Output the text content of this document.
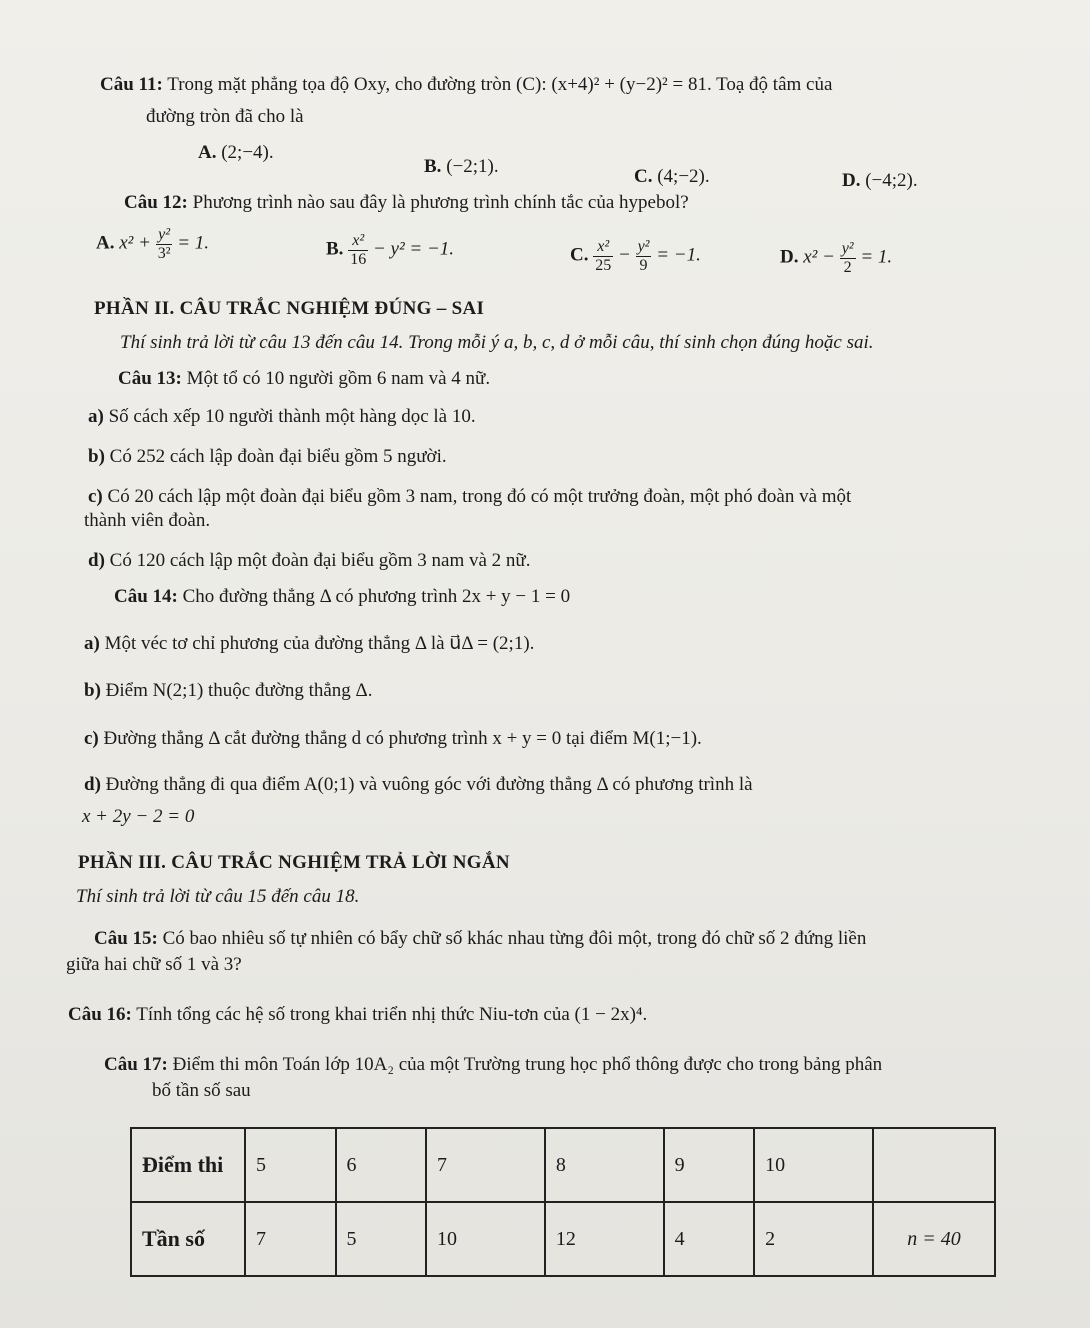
Câu 11: Trong mặt phẳng tọa độ Oxy, cho đường tròn (C): (x+4)² + (y−2)² = 81. Toạ độ tâm của
đường tròn đã cho là
A. (2;−4).
B. (−2;1).	C. (4;−2).	D. (−4;2).
Câu 12: Phương trình nào sau đây là phương trình chính tắc của hypebol?
A. $x^2 + \frac{\text{y²}}{\text{3²}} = 1$.	B. $\frac{\text{x²}}{16} - y^2 = -1$.	C. $\frac{\text{x²}}{25} - \frac{\text{y²}}{9} = -1$.	D. $x^2 - \frac{\text{y²}}{2} = 1$.
PHẦN II. CÂU TRẮC NGHIỆM ĐÚNG – SAI
Thí sinh trả lời từ câu 13 đến câu 14. Trong mỗi ý a, b, c, d ở mỗi câu, thí sinh chọn đúng hoặc sai.
Câu 13: Một tổ có 10 người gồm 6 nam và 4 nữ.
a) Số cách xếp 10 người thành một hàng dọc là 10.
b) Có 252 cách lập đoàn đại biểu gồm 5 người.
c) Có 20 cách lập một đoàn đại biểu gồm 3 nam, trong đó có một trưởng đoàn, một phó đoàn và một
thành viên đoàn.
d) Có 120 cách lập một đoàn đại biểu gồm 3 nam và 2 nữ.
Câu 14: Cho đường thẳng Δ có phương trình 2x + y − 1 = 0
a) Một véc tơ chỉ phương của đường thẳng Δ là u⃗Δ = (2;1).
b) Điểm N(2;1) thuộc đường thẳng Δ.
c) Đường thẳng Δ cắt đường thẳng d có phương trình x + y = 0 tại điểm M(1;−1).
d) Đường thẳng đi qua điểm A(0;1) và vuông góc với đường thẳng Δ có phương trình là
x + 2y − 2 = 0
PHẦN III. CÂU TRẮC NGHIỆM TRẢ LỜI NGẮN
Thí sinh trả lời từ câu 15 đến câu 18.
Câu 15: Có bao nhiêu số tự nhiên có bẩy chữ số khác nhau từng đôi một, trong đó chữ số 2 đứng liền
giữa hai chữ số 1 và 3?
Câu 16: Tính tổng các hệ số trong khai triển nhị thức Niu-tơn của (1 − 2x)⁴.
Câu 17: Điểm thi môn Toán lớp 10A₂ của một Trường trung học phổ thông được cho trong bảng phân
bố tần số sau
Điểm thi	5	6	7	8	9	10	
Tần số	7	5	10	12	4	2	n = 40
